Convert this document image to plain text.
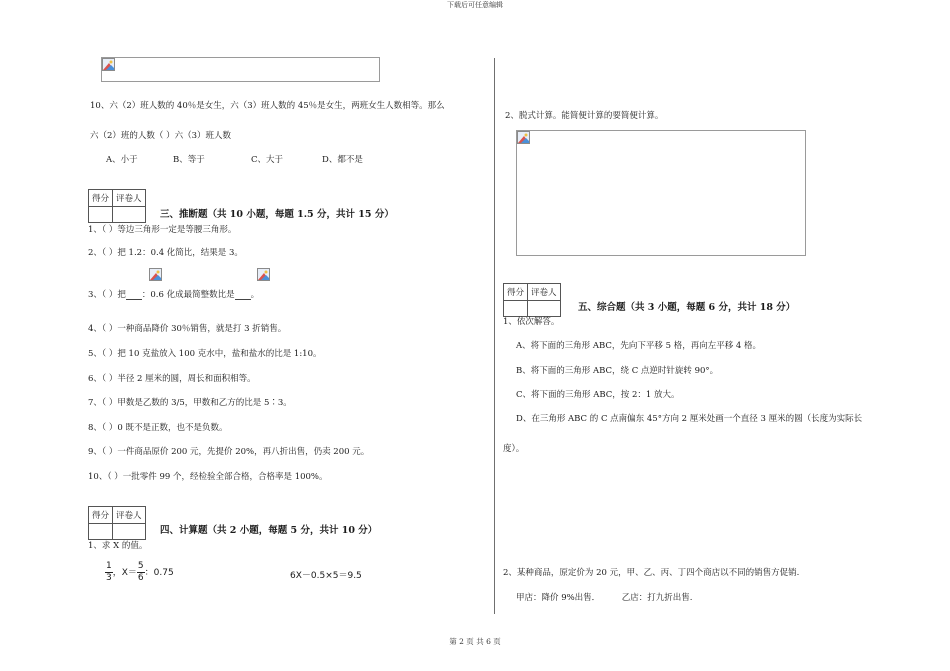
下载后可任意编辑
第 2 页 共 6 页
10、六（2）班人数的 40％是女生，六（3）班人数的 45％是女生，两班女生人数相等。那么
六（2）班的人数（ ）六（3）班人数
A、小于	B、等于	C、大于	D、都不是
得分	评卷人

三、推断题（共 10 小题，每题 1.5 分，共计 15 分）
1、（ ）等边三角形一定是等腰三角形。
2、（ ）把 1.2：0.4 化简比，结果是 3。
3、（ ）把 ：0.6 化成最简整数比是 。
4、（ ）一种商品降价 30％销售，就是打 3 折销售。
5、（ ）把 10 克盐放入 100 克水中，盐和盐水的比是 1:10。
6、（ ）半径 2 厘米的圆，周长和面积相等。
7、（ ）甲数是乙数的 3/5，甲数和乙方的比是 5∶3。
8、（ ）0 既不是正数，也不是负数。
9、（ ）一件商品原价 200 元，先提价 20%，再八折出售，仍卖 200 元。
10、（ ）一批零件 99 个，经检验全部合格，合格率是 100%。
得分	评卷人

四、计算题（共 2 小题，每题 5 分，共计 10 分）
1、求 X 的值。
$\frac{1}{3}$ ，$X= \frac{5}{6}$ ：0.75	6X－0.5×5＝9.5
2、脱式计算。能简便计算的要简便计算。
得分	评卷人

五、综合题（共 3 小题，每题 6 分，共计 18 分）
1、依次解答。
A、将下面的三角形 ABC，先向下平移 5 格，再向左平移 4 格。
B、将下面的三角形 ABC，绕 C 点逆时针旋转 90°。
C、将下面的三角形 ABC，按 2：1 放大。
D、在三角形 ABC 的 C 点南偏东 45°方向 2 厘米处画一个直径 3 厘米的圆（长度为实际长
度）。
2、某种商品，原定价为 20 元，甲、乙、丙、丁四个商店以不同的销售方促销.
甲店：降价 9%出售．        乙店：打九折出售.
